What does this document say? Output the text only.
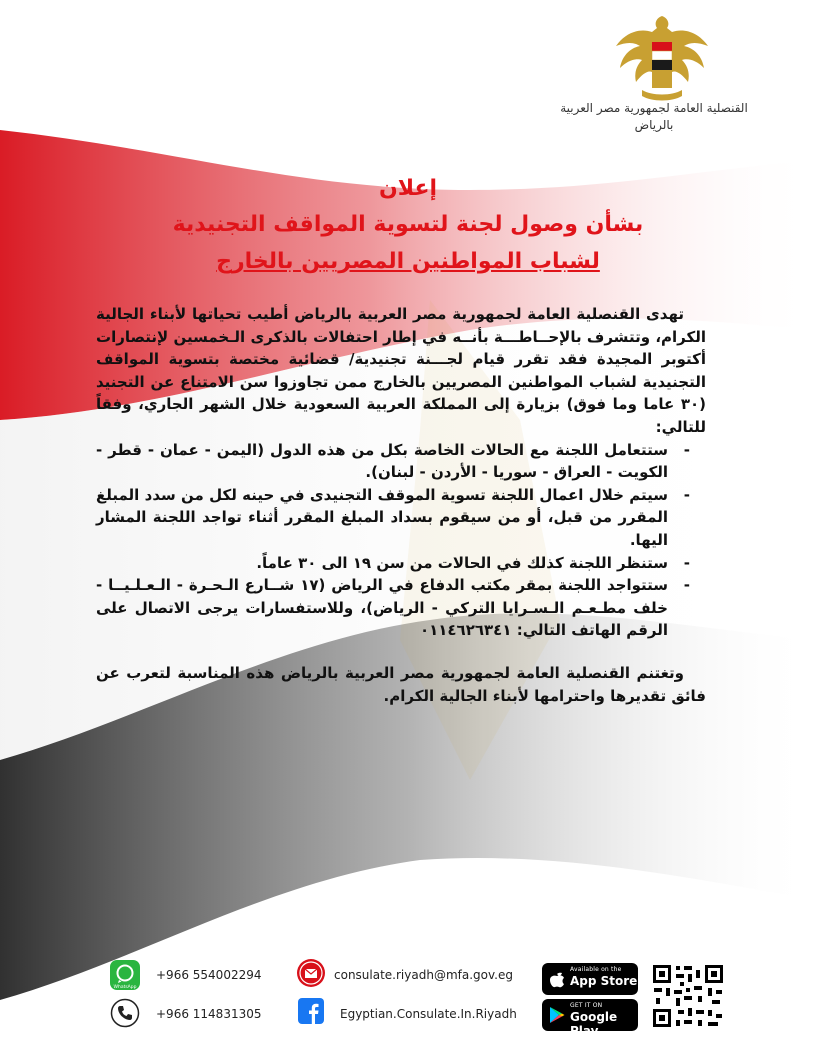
القنصلية العامة لجمهورية مصر العربية
بالرياض
إعلان
بشأن وصول لجنة لتسوية المواقف التجنيدية
لشباب المواطنين المصريين بالخارج

تهدى القنصلية العامة لجمهورية مصر العربية بالرياض أطيب تحياتها لأبناء الجالية الكرام، وتتشرف بالإحــاطـــة بأنــه في إطار احتفالات بالذكرى الـخمسين لإنتصارات أكتوبر المجيدة فقد تقرر قيام لجـــنة تجنيدية/ قضائية مختصة بتسوية المواقف التجنيدية لشباب المواطنين المصريين بالخارج ممن تجاوزوا سن الامتناع عن التجنيد (٣٠ عاما وما فوق) بزيارة إلى المملكة العربية السعودية خلال الشهر الجاري، وفقاً للتالي:

- ستتعامل اللجنة مع الحالات الخاصة بكل من هذه الدول (اليمن - عمان - قطر - الكويت - العراق - سوريا - الأردن - لبنان).
- سيتم خلال اعمال اللجنة تسوية الموقف التجنيدى في حينه لكل من سدد المبلغ المقرر من قبل، أو من سيقوم بسداد المبلغ المقرر أثناء تواجد اللجنة المشار اليها.
- ستنظر اللجنة كذلك في الحالات من سن ١٩ الى ٣٠ عاماً.
- ستتواجد اللجنة بمقر مكتب الدفاع في الرياض (١٧ شــارع الـحـرة - الـعـلـيــا - خلف مطـعـم الـسـرايا التركي - الرياض)، وللاستفسارات يرجى الاتصال على الرقم الهاتف التالي: ٠١١٤٦٢٦٣٤١

وتغتنم القنصلية العامة لجمهورية مصر العربية بالرياض هذه المناسبة لتعرب عن فائق تقديرها واحترامها لأبناء الجالية الكرام.

WhatsApp
+966 554002294	consulate.riyadh@mfa.gov.eg	Available on the
App Store
+966 114831305	Egyptian.Consulate.In.Riyadh
GET IT ON
Google Play
